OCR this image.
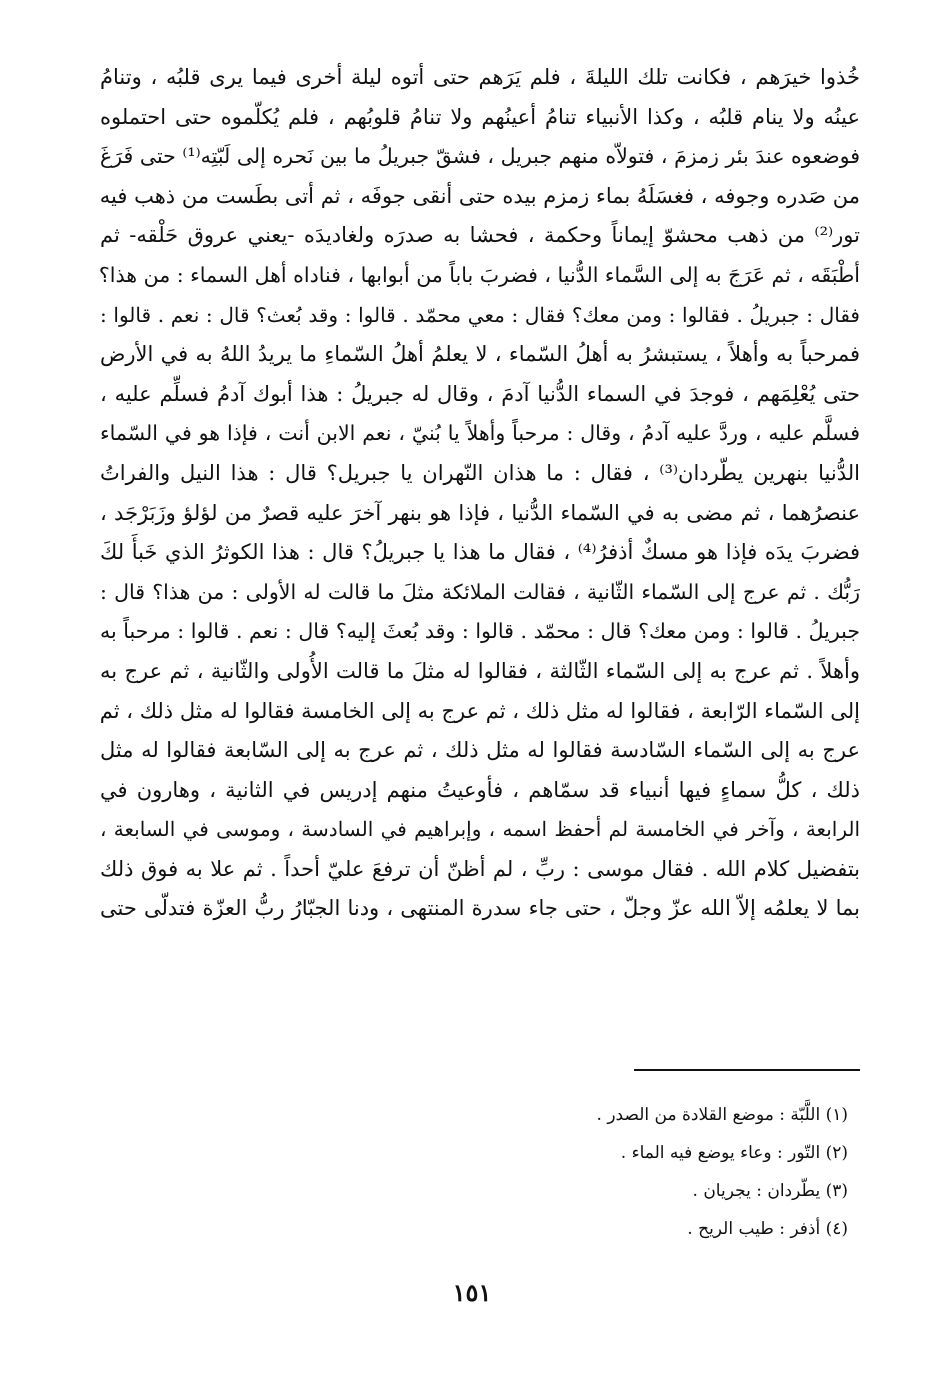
خُذوا خيرَهم ، فكانت تلك الليلةَ ، فلم يَرَهم حتى أتوه ليلة أخرى فيما يرى قلبُه ، وتنامُ
عينُه ولا ينام قلبُه ، وكذا الأنبياء تنامُ أعينُهم ولا تنامُ قلوبُهم ، فلم يُكلّموه حتى احتملوه
فوضعوه عندَ بئر زمزمَ ، فتولاّه منهم جبريل ، فشقّ جبريلُ ما بين نَحره إلى لَبّتِه⁽¹⁾ حتى فَرَغَ
من صَدره وجوفه ، فغسَلَهُ بماء زمزم بيده حتى أنقى جوفَه ، ثم أتى بطَست من ذهب فيه
تور⁽²⁾ من ذهب محشوّ إيماناً وحكمة ، فحشا به صدرَه ولغاديدَه -يعني عروق حَلْقه- ثم
أطْبَقَه ، ثم عَرَجَ به إلى السَّماء الدُّنيا ، فضربَ باباً من أبوابها ، فناداه أهل السماء : من هذا؟
فقال : جبريلُ . فقالوا : ومن معك؟ فقال : معي محمّد . قالوا : وقد بُعث؟ قال : نعم . قالوا :
فمرحباً به وأهلاً ، يستبشرُ به أهلُ السّماء ، لا يعلمُ أهلُ السّماءِ ما يريدُ اللهُ به في الأرض
حتى يُعْلِمَهم ، فوجدَ في السماء الدُّنيا آدمَ ، وقال له جبريلُ : هذا أبوك آدمُ فسلِّم عليه ،
فسلَّم عليه ، وردَّ عليه آدمُ ، وقال : مرحباً وأهلاً يا بُنيّ ، نعم الابن أنت ، فإذا هو في السّماء
الدُّنيا بنهرين يطّردان⁽³⁾ ، فقال : ما هذان النّهران يا جبريل؟ قال : هذا النيل والفراتُ
عنصرُهما ، ثم مضى به في السّماء الدُّنيا ، فإذا هو بنهر آخرَ عليه قصرٌ من لؤلؤ وزَبَرْجَد ،
فضربَ يدَه فإذا هو مسكٌ أذفرُ⁽⁴⁾ ، فقال ما هذا يا جبريلُ؟ قال : هذا الكوثرُ الذي خَبأَ لكَ
رَبُّك . ثم عرج إلى السّماء الثّانية ، فقالت الملائكة مثلَ ما قالت له الأولى : من هذا؟ قال :
جبريلُ . قالوا : ومن معك؟ قال : محمّد . قالوا : وقد بُعثَ إليه؟ قال : نعم . قالوا : مرحباً به
وأهلاً . ثم عرج به إلى السّماء الثّالثة ، فقالوا له مثلَ ما قالت الأُولى والثّانية ، ثم عرج به
إلى السّماء الرّابعة ، فقالوا له مثل ذلك ، ثم عرج به إلى الخامسة فقالوا له مثل ذلك ، ثم
عرج به إلى السّماء السّادسة فقالوا له مثل ذلك ، ثم عرج به إلى السّابعة فقالوا له مثل
ذلك ، كلُّ سماءٍ فيها أنبياء قد سمّاهم ، فأوعيتُ منهم إدريس في الثانية ، وهارون في
الرابعة ، وآخر في الخامسة لم أحفظ اسمه ، وإبراهيم في السادسة ، وموسى في السابعة ،
بتفضيل كلام الله . فقال موسى : ربِّ ، لم أظنّ أن ترفعَ عليّ أحداً . ثم علا به فوق ذلك
بما لا يعلمُه إلاّ الله عزّ وجلّ ، حتى جاء سدرة المنتهى ، ودنا الجبّارُ ربُّ العزّة فتدلّى حتى
(١) اللَّبّة : موضع القلادة من الصدر .
(٢) التّور : وعاء يوضع فيه الماء .
(٣) يطّردان : يجريان .
(٤) أذفر : طيب الريح .
١٥١
